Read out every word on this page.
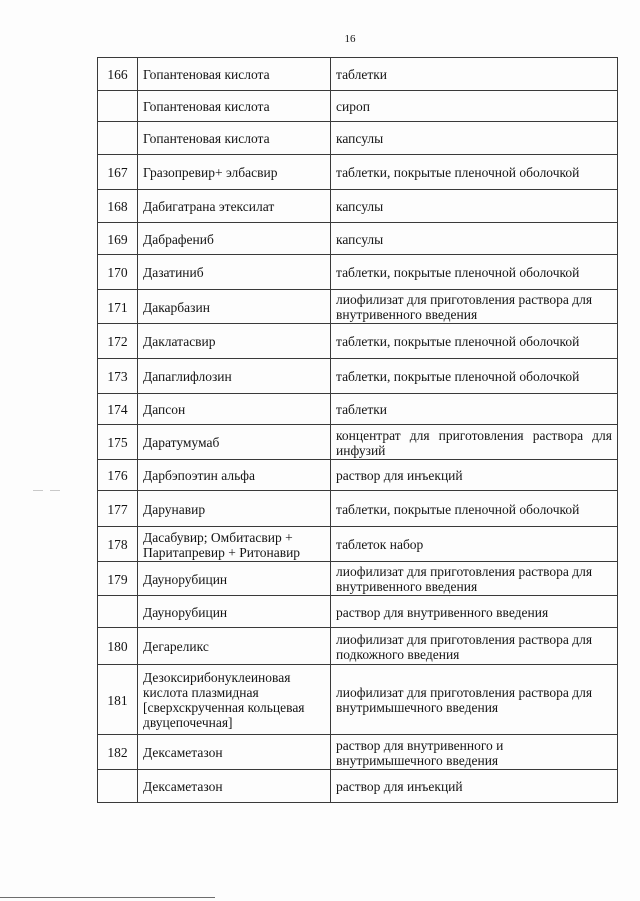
16
166	Гопантеновая кислота	таблетки
	Гопантеновая кислота	сироп
	Гопантеновая кислота	капсулы
167	Гразопревир+ элбасвир	таблетки, покрытые пленочной оболочкой
168	Дабигатрана этексилат	капсулы
169	Дабрафениб	капсулы
170	Дазатиниб	таблетки, покрытые пленочной оболочкой
171	Дакарбазин	лиофилизат для приготовления раствора для внутривенного введения
172	Даклатасвир	таблетки, покрытые пленочной оболочкой
173	Дапаглифлозин	таблетки, покрытые пленочной оболочкой
174	Дапсон	таблетки
175	Даратумумаб	концентрат для приготовления раствора для инфузий
176	Дарбэпоэтин альфа	раствор для инъекций
177	Дарунавир	таблетки, покрытые пленочной оболочкой
178	Дасабувир; Омбитасвир + Паритапревир + Ритонавир	таблеток набор
179	Даунорубицин	лиофилизат для приготовления раствора для внутривенного введения
	Даунорубицин	раствор для внутривенного введения
180	Дегареликс	лиофилизат для приготовления раствора для подкожного введения
181	Дезоксирибонуклеиновая кислота плазмидная [сверхскрученная кольцевая двуцепочечная]	лиофилизат для приготовления раствора для внутримышечного введения
182	Дексаметазон	раствор для внутривенного и внутримышечного введения
	Дексаметазон	раствор для инъекций
